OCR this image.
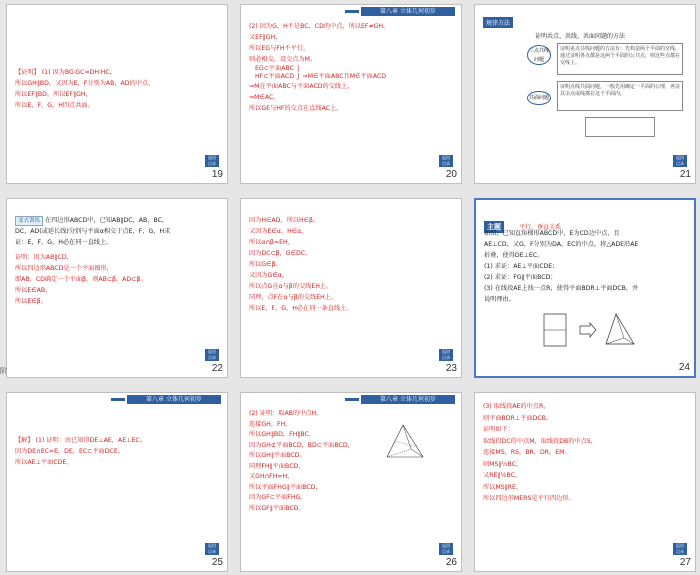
【证明】 (1) 因为BG∶GC=DH∶HC，
所以GH∥BD。又因为E，F分别为AB，AD的中点，
所以EF∥BD，所以EF∥GH，
所以E，F，G，H四点共面。
返回
目录
19
第八章 立体几何初步
(2) 因为G，H不是BC，CD的中点，所以EF≠GH。
又EF∥GH，
所以EG与FH不平行，
则必相交，设交点为M。
EG⊂平面ABC ⎫
HF⊂平面ACD ⎭ ⇒M∈平面ABC且M∈平面ACD
⇒M在平面ABC与平面ACD的交线上，
⇒M∈AC。
所以GE与HF的交点在直线AC上。
返回
目录
20
规律方法
证明共点、共线、共面问题的方法
三点共线问题
证明多点共线问题的方法有：先构造两个平面的交线，通过证明各点都是这两个平面的公共点，则这些点都在交线上。
共面问题
证明点线共面问题，一般先用确定一平面的公理，再证其余点或线都在这个平面内。
返回
目录
21
变式训练 在四边形ABCD中，已知AB∥DC，AB，BC，
DC，AD(或延长线)分别与平面α相交于点E，F，G，H求
证：E，F，G，H必在同一直线上。
证明：因为AB∥CD，
所以四边形ABCD是一个平面图形，
即AB，CD确定一个平面β，则AB⊂β，AD⊂β。
所以E∈AB，
所以E∈β。
返回
目录
22
因为H∈AD，所以H∈β。
又因为E∈α，H∈α，
所以α∩β=EH。
因为DC⊂β，G∈DC，
所以G∈β。
又因为G∈α，
所以点G在α与β的交线EH上。
同理，点F在α与β的交线EH上。
所以E，F，G，H必在同一条直线上。
返回
目录
23
主题	平行、垂直关系
如图，已知直角梯形ABCD中，E为CD边中点，且
AE⊥CD，又G，F分别为DA，EC的中点，将△ADE沿AE
折叠，使得DE⊥EC。
(1) 求证：AE⊥平面CDE；
(2) 求证：FG∥平面BCD；
(3) 在线段AE上找一点R，使得平面BDR⊥平面DCB，并
说明理由。
24
第八章 立体几何初步
【解】 (1) 证明：由已知得DE⊥AE，AE⊥EC。
因为DE∩EC=E，DE，EC⊂平面DCE。
所以AE⊥平面CDE。
返回
目录
25
第八章 立体几何初步
(2) 证明：取AB的中点H，
连接GH，FH，
所以GH∥BD，FH∥BC，
因为GH⊄平面BCD，BD⊂平面BCD，
所以GH∥平面BCD。
同理FH∥平面BCD，
又GH∩FH=H，
所以平面FHG∥平面BCD，
因为GF⊂平面FHG，
所以GF∥平面BCD。
返回
目录
26
(3) 取线段AE的中点R，
则平面BDR⊥平面DCB。
证明如下：
取线段DC的中点M，取线段DB的中点S，
连接MS，RS，BR，DR，EM。
则MS∥½BC，
又RE∥½BC，
所以MS∥RE，
所以四边形MERS是平行四边形。
返回
目录
27
阶
